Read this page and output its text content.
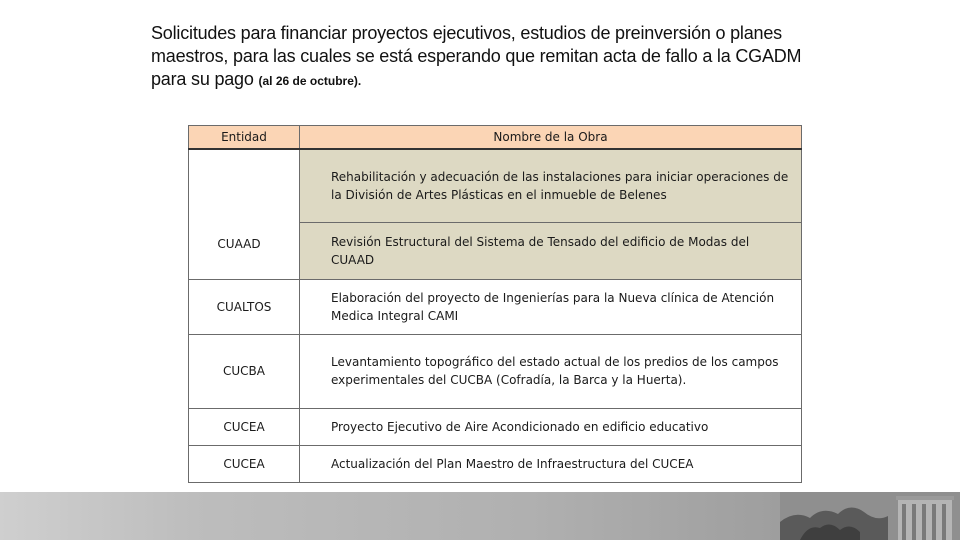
Solicitudes para financiar proyectos ejecutivos, estudios de preinversión o planes maestros, para las cuales se está esperando que remitan acta de fallo a la CGADM para su pago (al 26 de octubre).
Entidad	Nombre de la Obra

CUAAD	Rehabilitación y adecuación de las instalaciones para iniciar operaciones de la División de Artes Plásticas en el inmueble de Belenes
	Revisión Estructural del Sistema de Tensado del edificio de Modas del CUAAD
CUALTOS	Elaboración del proyecto de Ingenierías para la Nueva clínica de Atención Medica Integral CAMI
CUCBA	Levantamiento topográfico del estado actual de los predios de los campos experimentales del CUCBA (Cofradía, la Barca y la Huerta).
CUCEA	Proyecto Ejecutivo de Aire Acondicionado en edificio educativo
CUCEA	Actualización del Plan Maestro de Infraestructura del CUCEA
